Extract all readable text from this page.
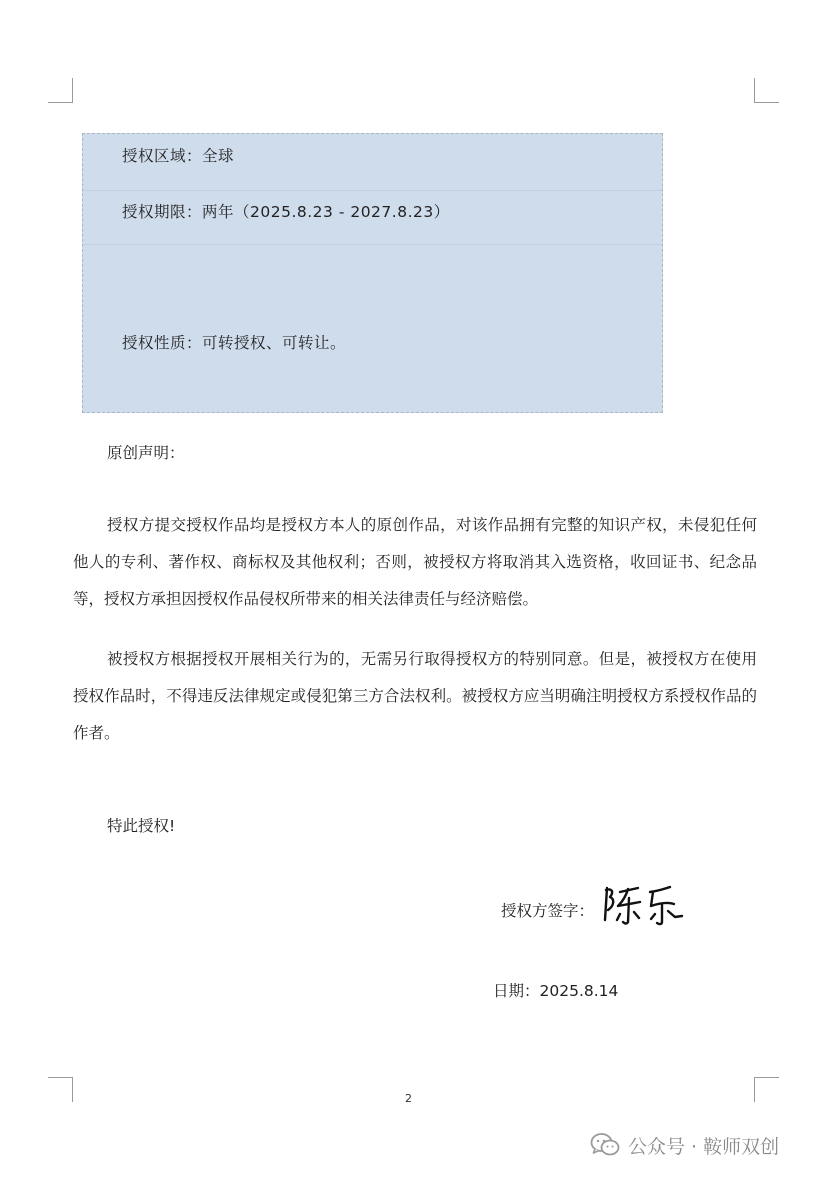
授权区域：全球
授权期限：两年（2025.8.23 - 2027.8.23）
授权性质：可转授权、可转让。
原创声明：

授权方提交授权作品均是授权方本人的原创作品，对该作品拥有完整的知识产权，未侵犯任何他人的专利、著作权、商标权及其他权利；否则，被授权方将取消其入选资格，收回证书、纪念品等，授权方承担因授权作品侵权所带来的相关法律责任与经济赔偿。

被授权方根据授权开展相关行为的，无需另行取得授权方的特别同意。但是，被授权方在使用授权作品时，不得违反法律规定或侵犯第三方合法权利。被授权方应当明确注明授权方系授权作品的作者。

特此授权!
授权方签字：
日期：2025.8.14
2
公众号 · 鞍师双创
